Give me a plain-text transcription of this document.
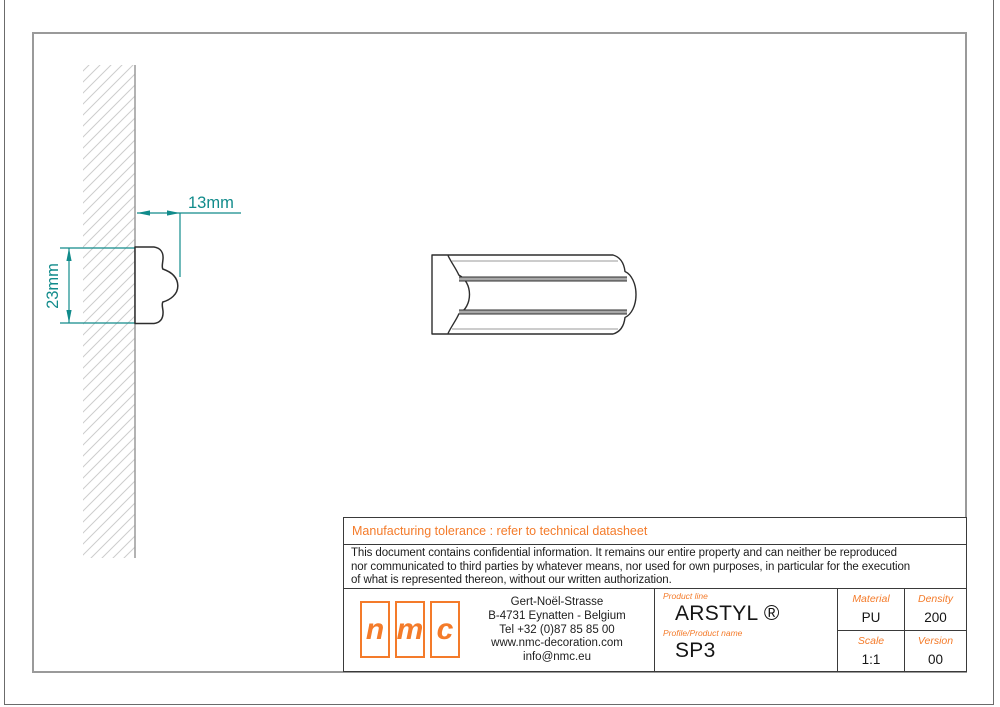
13mm
23mm
Manufacturing tolerance : refer to technical datasheet
This document contains confidential information. It remains our entire property and can neither be reproduced
nor communicated to third parties by whatever means, nor used for own purposes, in particular for the execution
of what is represented thereon, without our written authorization.
n m c
Gert-Noël-Strasse
B-4731 Eynatten - Belgium
Tel +32 (0)87 85 85 00
www.nmc-decoration.com
info@nmc.eu
Product line
ARSTYL ®
Profile/Product name
SP3
Material
PU
Density
200
Scale
1:1
Version
00
